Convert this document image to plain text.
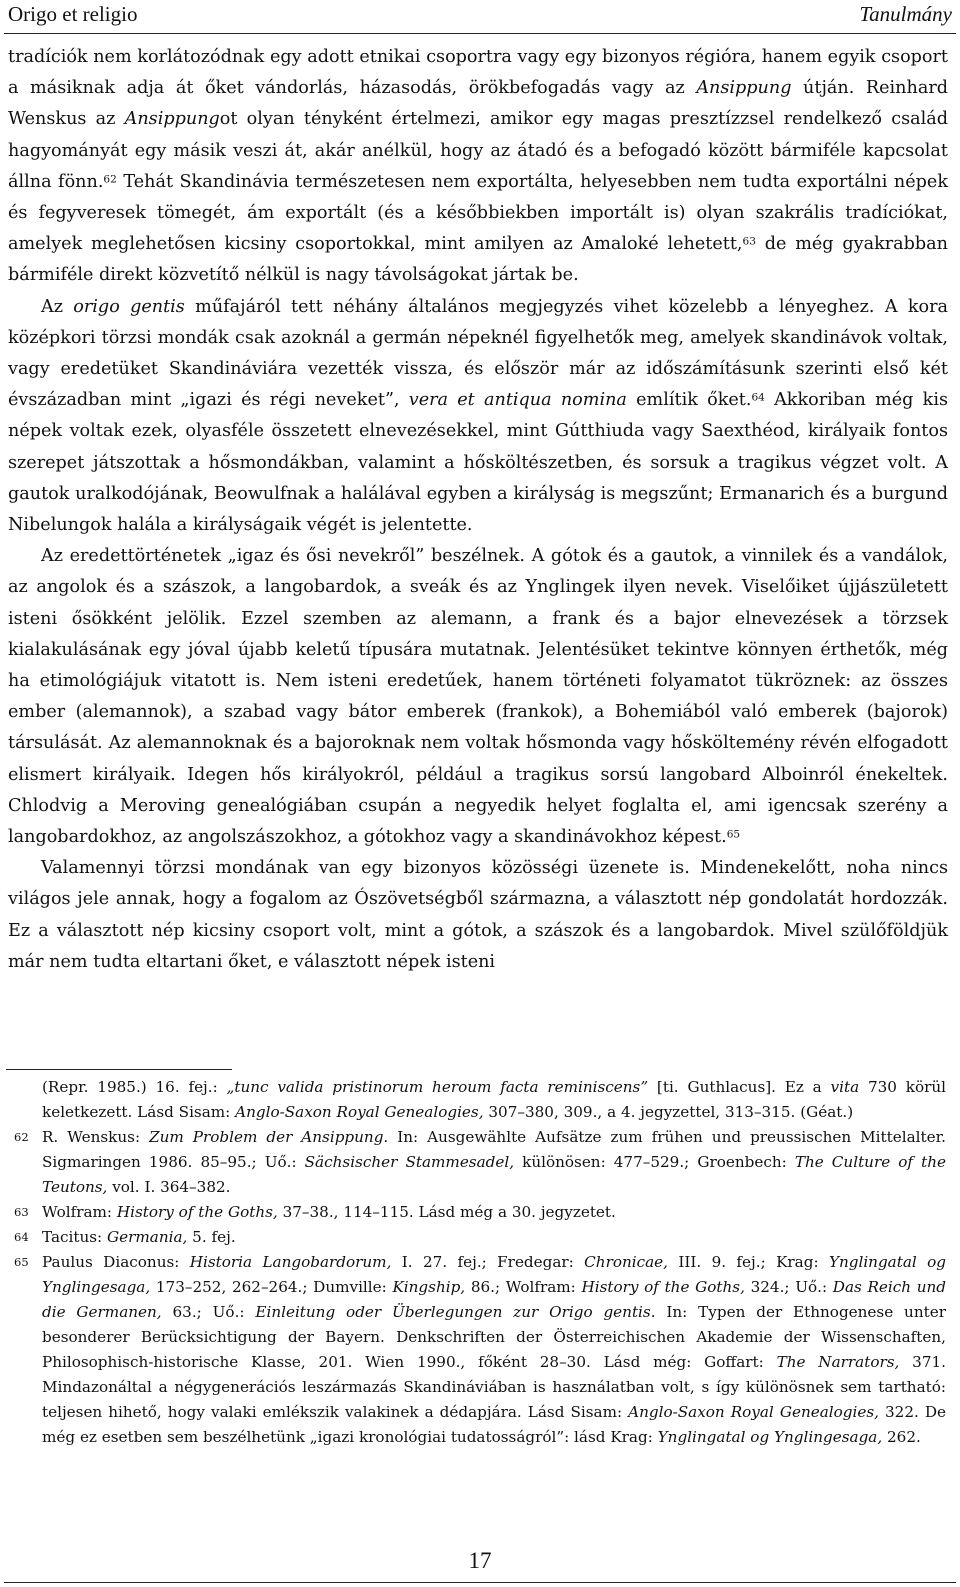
Origo et religio	Tanulmány

tradíciók nem korlátozódnak egy adott etnikai csoportra vagy egy bizonyos régióra, hanem egyik csoport a másiknak adja át őket vándorlás, házasodás, örökbefogadás vagy az Ansippung útján. Reinhard Wenskus az Ansippungot olyan tényként értelmezi, amikor egy magas presztízzsel rendelkező család hagyományát egy másik veszi át, akár anélkül, hogy az átadó és a befogadó között bármiféle kapcsolat állna fönn.$^{62}$ Tehát Skandinávia természetesen nem exportálta, helyesebben nem tudta exportálni népek és fegyveresek tömegét, ám exportált (és a későbbiekben importált is) olyan szakrális tradíciókat, amelyek meglehetősen kicsiny csoportokkal, mint amilyen az Amaloké lehetett,$^{63}$ de még gyakrabban bármiféle direkt közvetítő nélkül is nagy távolságokat jártak be.

Az origo gentis műfajáról tett néhány általános megjegyzés vihet közelebb a lényeghez. A kora középkori törzsi mondák csak azoknál a germán népeknél figyelhetők meg, amelyek skandinávok voltak, vagy eredetüket Skandináviára vezették vissza, és először már az időszámításunk szerinti első két évszázadban mint „igazi és régi neveket”, vera et antiqua nomina említik őket.$^{64}$ Akkoriban még kis népek voltak ezek, olyasféle összetett elnevezésekkel, mint Gútthiuda vagy Saexthéod, királyaik fontos szerepet játszottak a hősmondákban, valamint a hősköltészetben, és sorsuk a tragikus végzet volt. A gautok uralkodójának, Beowulfnak a halálával egyben a királyság is megszűnt; Ermanarich és a burgund Nibelungok halála a királyságaik végét is jelentette.

Az eredettörténetek „igaz és ősi nevekről” beszélnek. A gótok és a gautok, a vinnilek és a vandálok, az angolok és a szászok, a langobardok, a sveák és az Ynglingek ilyen nevek. Viselőiket újjászületett isteni ősökként jelölik. Ezzel szemben az alemann, a frank és a bajor elnevezések a törzsek kialakulásának egy jóval újabb keletű típusára mutatnak. Jelentésüket tekintve könnyen érthetők, még ha etimológiájuk vitatott is. Nem isteni eredetűek, hanem történeti folyamatot tükröznek: az összes ember (alemannok), a szabad vagy bátor emberek (frankok), a Bohemiából való emberek (bajorok) társulását. Az alemannoknak és a bajoroknak nem voltak hősmonda vagy hősköltemény révén elfogadott elismert királyaik. Idegen hős királyokról, például a tragikus sorsú langobard Alboinról énekeltek. Chlodvig a Meroving genealógiában csupán a negyedik helyet foglalta el, ami igencsak szerény a langobardokhoz, az angolszászokhoz, a gótokhoz vagy a skandinávokhoz képest.$^{65}$

Valamennyi törzsi mondának van egy bizonyos közösségi üzenete is. Mindenekelőtt, noha nincs világos jele annak, hogy a fogalom az Ószövetségből származna, a választott nép gondolatát hordozzák. Ez a választott nép kicsiny csoport volt, mint a gótok, a szászok és a langobardok. Mivel szülőföldjük már nem tudta eltartani őket, e választott népek isteni

(Repr. 1985.) 16. fej.: „tunc valida pristinorum heroum facta reminiscens” [ti. Guthlacus]. Ez a vita 730 körül keletkezett. Lásd Sisam: Anglo-Saxon Royal Genealogies, 307–380, 309., a 4. jegyzettel, 313–315. (Géat.)

62 R. Wenskus: Zum Problem der Ansippung. In: Ausgewählte Aufsätze zum frühen und preussischen Mittelalter. Sigmaringen 1986. 85–95.; Uő.: Sächsischer Stammesadel, különösen: 477–529.; Groenbech: The Culture of the Teutons, vol. I. 364–382.

63 Wolfram: History of the Goths, 37–38., 114–115. Lásd még a 30. jegyzetet.

64 Tacitus: Germania, 5. fej.

65 Paulus Diaconus: Historia Langobardorum, I. 27. fej.; Fredegar: Chronicae, III. 9. fej.; Krag: Ynglingatal og Ynglingesaga, 173–252, 262–264.; Dumville: Kingship, 86.; Wolfram: History of the Goths, 324.; Uő.: Das Reich und die Germanen, 63.; Uő.: Einleitung oder Überlegungen zur Origo gentis. In: Typen der Ethnogenese unter besonderer Berücksichtigung der Bayern. Denkschriften der Österreichischen Akademie der Wissenschaften, Philosophisch-historische Klasse, 201. Wien 1990., főként 28–30. Lásd még: Goffart: The Narrators, 371. Mindazonáltal a négygenerációs leszármazás Skandináviában is használatban volt, s így különösnek sem tartható: teljesen hihető, hogy valaki emlékszik valakinek a dédapjára. Lásd Sisam: Anglo-Saxon Royal Genealogies, 322. De még ez esetben sem beszélhetünk „igazi kronológiai tudatosságról”: lásd Krag: Ynglingatal og Ynglingesaga, 262.

17
